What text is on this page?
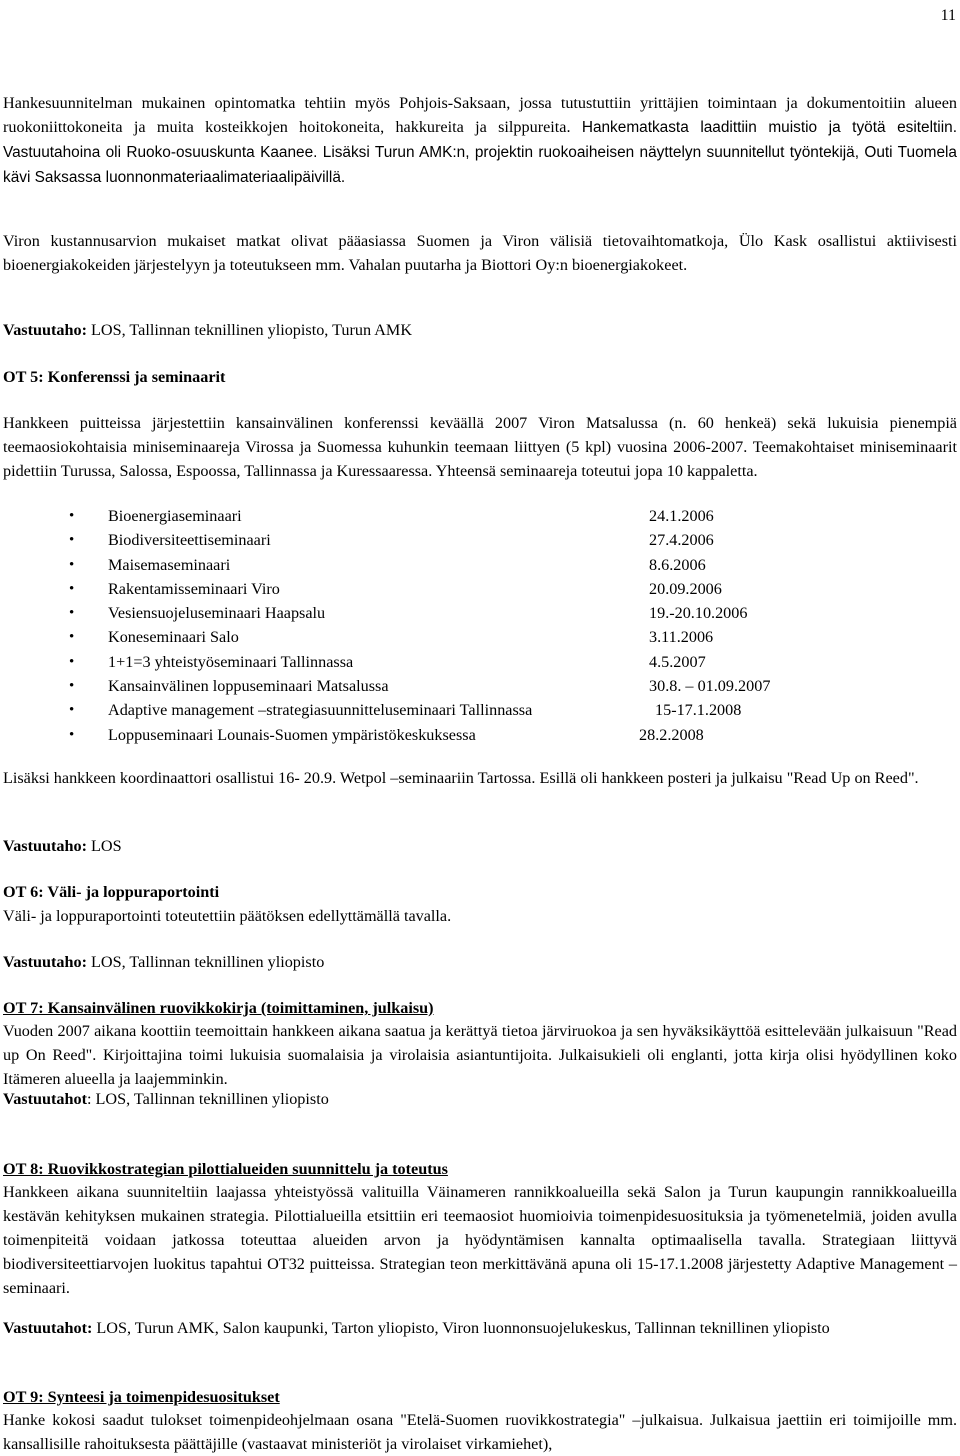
11
Hankesuunnitelman mukainen opintomatka tehtiin myös Pohjois-Saksaan, jossa tutustuttiin yrittäjien toimintaan ja dokumentoitiin alueen ruokoniittokoneita ja muita kosteikkojen hoitokoneita, hakkureita ja silppureita. Hankematkasta laadittiin muistio ja työtä esiteltiin. Vastuutahoina oli Ruoko-osuuskunta Kaanee. Lisäksi Turun AMK:n, projektin ruokoaiheisen näyttelyn suunnitellut työntekijä, Outi Tuomela kävi Saksassa luonnonmateriaalimateriaalipäivillä.
Viron kustannusarvion mukaiset matkat olivat pääasiassa Suomen ja Viron välisiä tietovaihtomatkoja, Ülo Kask osallistui aktiivisesti bioenergiakokeiden järjestelyyn ja toteutukseen mm. Vahalan puutarha ja Biottori Oy:n bioenergiakokeet.
Vastuutaho: LOS, Tallinnan teknillinen yliopisto, Turun AMK
OT 5: Konferenssi ja seminaarit
Hankkeen puitteissa järjestettiin kansainvälinen konferenssi keväällä 2007 Viron Matsalussa (n. 60 henkeä) sekä lukuisia pienempiä teemaosiokohtaisia miniseminaareja Virossa ja Suomessa kuhunkin teemaan liittyen (5 kpl) vuosina 2006-2007. Teemakohtaiset miniseminaarit pidettiin Turussa, Salossa, Espoossa, Tallinnassa ja Kuressaaressa. Yhteensä seminaareja toteutui jopa 10 kappaletta.
• Bioenergiaseminaari	24.1.2006
• Biodiversiteettiseminaari	27.4.2006
• Maisemaseminaari	8.6.2006
• Rakentamisseminaari Viro	20.09.2006
• Vesiensuojeluseminaari Haapsalu	19.-20.10.2006
• Koneseminaari Salo	3.11.2006
• 1+1=3 yhteistyöseminaari Tallinnassa	4.5.2007
• Kansainvälinen loppuseminaari Matsalussa	30.8. – 01.09.2007
• Adaptive management –strategiasuunnitteluseminaari Tallinnassa	15-17.1.2008
• Loppuseminaari Lounais-Suomen ympäristökeskuksessa	28.2.2008
Lisäksi hankkeen koordinaattori osallistui 16- 20.9. Wetpol –seminaariin Tartossa. Esillä oli hankkeen posteri ja julkaisu "Read Up on Reed".
Vastuutaho: LOS
OT 6: Väli- ja loppuraportointi
Väli- ja loppuraportointi toteutettiin päätöksen edellyttämällä tavalla.
Vastuutaho: LOS, Tallinnan teknillinen yliopisto
OT 7: Kansainvälinen ruovikkokirja (toimittaminen, julkaisu)
Vuoden 2007 aikana koottiin teemoittain hankkeen aikana saatua ja kerättyä tietoa järviruokoa ja sen hyväksikäyttöä esittelevään julkaisuun "Read up On Reed". Kirjoittajina toimi lukuisia suomalaisia ja virolaisia asiantuntijoita. Julkaisukieli oli englanti, jotta kirja olisi hyödyllinen koko Itämeren alueella ja laajemminkin.
Vastuutahot: LOS, Tallinnan teknillinen yliopisto
OT 8: Ruovikkostrategian pilottialueiden suunnittelu ja toteutus
Hankkeen aikana suunniteltiin laajassa yhteistyössä valituilla Väinameren rannikkoalueilla sekä Salon ja Turun kaupungin rannikkoalueilla kestävän kehityksen mukainen strategia. Pilottialueilla etsittiin eri teemaosiot huomioivia toimenpidesuosituksia ja työmenetelmiä, joiden avulla toimenpiteitä voidaan jatkossa toteuttaa alueiden arvon ja hyödyntämisen kannalta optimaalisella tavalla. Strategiaan liittyvä biodiversiteettiarvojen luokitus tapahtui OT32 puitteissa. Strategian teon merkittävänä apuna oli 15-17.1.2008 järjestetty Adaptive Management –seminaari.
Vastuutahot: LOS, Turun AMK, Salon kaupunki, Tarton yliopisto, Viron luonnonsuojelukeskus, Tallinnan teknillinen yliopisto
OT 9: Synteesi ja toimenpidesuositukset
Hanke kokosi saadut tulokset toimenpideohjelmaan osana "Etelä-Suomen ruovikkostrategia" –julkaisua. Julkaisua jaettiin eri toimijoille mm. kansallisille rahoituksesta päättäjille (vastaavat ministeriöt ja virolaiset virkamiehet),
